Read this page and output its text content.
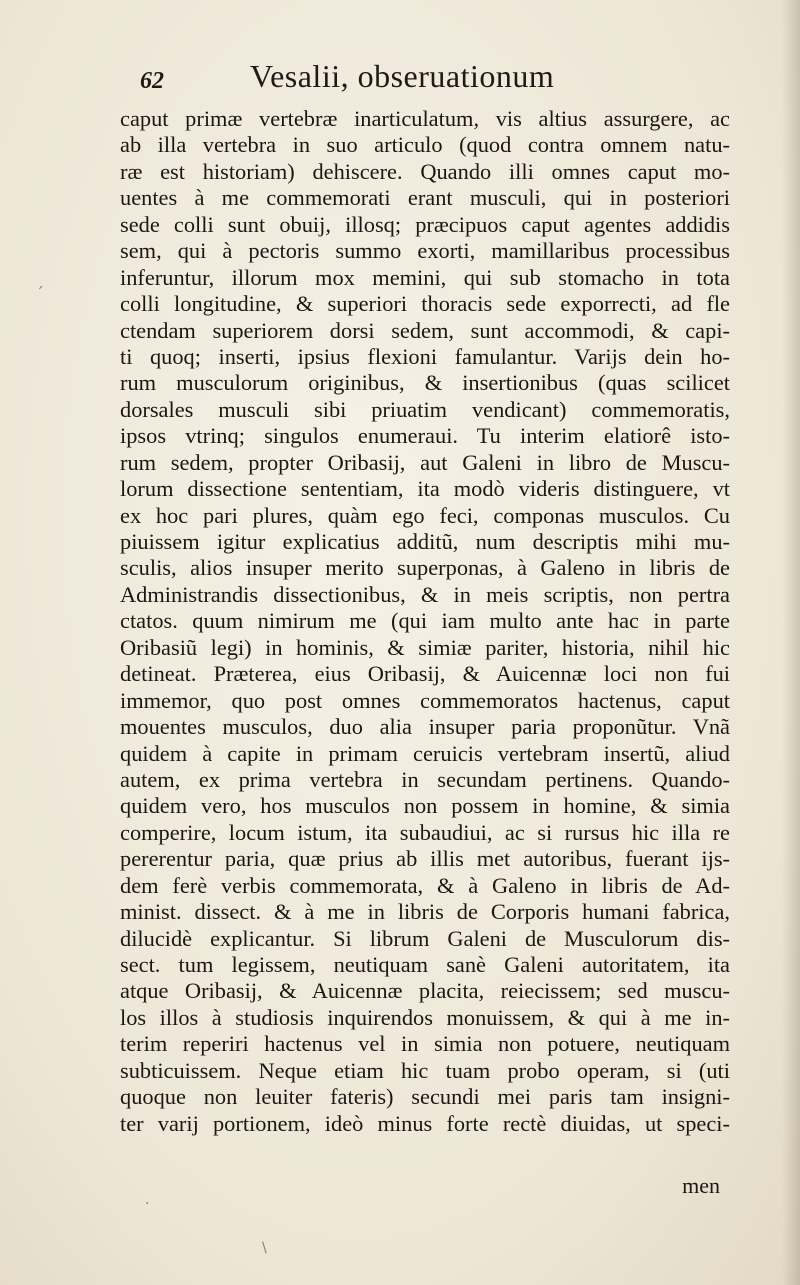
62	Vesalii, obseruationum
caput primæ vertebræ inarticulatum, vis altius assurgere, ac
ab illa vertebra in suo articulo (quod contra omnem natu-
ræ est historiam) dehiscere. Quando illi omnes caput mo-
uentes à me commemorati erant musculi, qui in posteriori
sede colli sunt obuij, illosq; præcipuos caput agentes addidis
sem, qui à pectoris summo exorti, mamillaribus processibus
inferuntur, illorum mox memini, qui sub stomacho in tota
colli longitudine, & superiori thoracis sede exporrecti, ad fle
ctendam superiorem dorsi sedem, sunt accommodi, & capi-
ti quoq; inserti, ipsius flexioni famulantur. Varijs dein ho-
rum musculorum originibus, & insertionibus (quas scilicet
dorsales musculi sibi priuatim vendicant) commemoratis,
ipsos vtrinq; singulos enumeraui. Tu interim elatiorê isto-
rum sedem, propter Oribasij, aut Galeni in libro de Muscu-
lorum dissectione sententiam, ita modò videris distinguere, vt
ex hoc pari plures, quàm ego feci, componas musculos. Cu
piuissem igitur explicatius additũ, num descriptis mihi mu-
sculis, alios insuper merito superponas, à Galeno in libris de
Administrandis dissectionibus, & in meis scriptis, non pertra
ctatos. quum nimirum me (qui iam multo ante hac in parte
Oribasiũ legi) in hominis, & simiæ pariter, historia, nihil hic
detineat. Præterea, eius Oribasij, & Auicennæ loci non fui
immemor, quo post omnes commemoratos hactenus, caput
mouentes musculos, duo alia insuper paria proponũtur. Vnã
quidem à capite in primam ceruicis vertebram insertũ, aliud
autem, ex prima vertebra in secundam pertinens. Quando-
quidem vero, hos musculos non possem in homine, & simia
comperire, locum istum, ita subaudiui, ac si rursus hic illa re
pererentur paria, quæ prius ab illis met autoribus, fuerant ijs-
dem ferè verbis commemorata, & à Galeno in libris de Ad-
minist. dissect. & à me in libris de Corporis humani fabrica,
dilucidè explicantur. Si librum Galeni de Musculorum dis-
sect. tum legissem, neutiquam sanè Galeni autoritatem, ita
atque Oribasij, & Auicennæ placita, reiecissem; sed muscu-
los illos à studiosis inquirendos monuissem, & qui à me in-
terim reperiri hactenus vel in simia non potuere, neutiquam
subticuissem. Neque etiam hic tuam probo operam, si (uti
quoque non leuiter fateris) secundi mei paris tam insigni-
ter varij portionem, ideò minus forte rectè diuidas, ut speci-
men
ˊ
·
\
